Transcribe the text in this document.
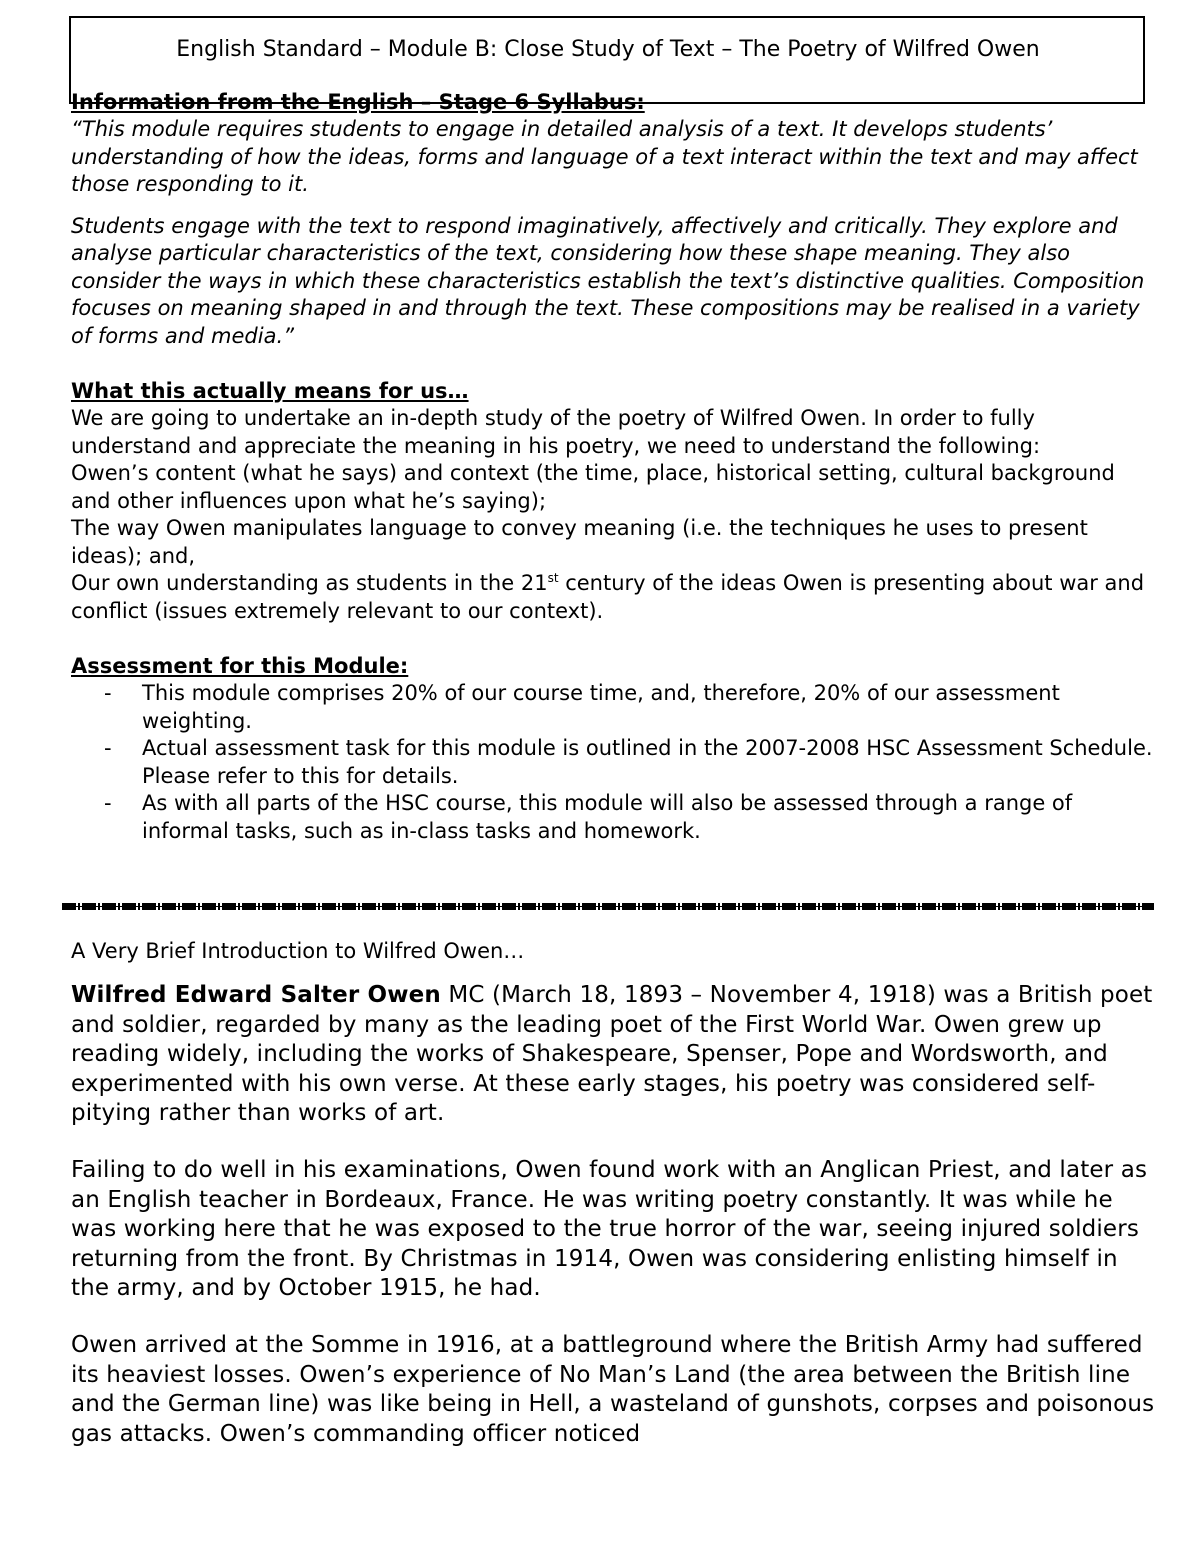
English Standard – Module B: Close Study of Text – The Poetry of Wilfred Owen

Information from the English – Stage 6 Syllabus:

“This module requires students to engage in detailed analysis of a text. It develops students’ understanding of how the ideas, forms and language of a text interact within the text and may affect those responding to it.

Students engage with the text to respond imaginatively, affectively and critically. They explore and analyse particular characteristics of the text, considering how these shape meaning. They also consider the ways in which these characteristics establish the text’s distinctive qualities. Composition focuses on meaning shaped in and through the text. These compositions may be realised in a variety of forms and media.”

What this actually means for us…

We are going to undertake an in-depth study of the poetry of Wilfred Owen. In order to fully understand and appreciate the meaning in his poetry, we need to understand the following:

Owen’s content (what he says) and context (the time, place, historical setting, cultural background and other influences upon what he’s saying);

The way Owen manipulates language to convey meaning (i.e. the techniques he uses to present ideas); and,

Our own understanding as students in the 21st century of the ideas Owen is presenting about war and conflict (issues extremely relevant to our context).

Assessment for this Module:

- This module comprises 20% of our course time, and, therefore, 20% of our assessment weighting.
- Actual assessment task for this module is outlined in the 2007-2008 HSC Assessment Schedule. Please refer to this for details.
- As with all parts of the HSC course, this module will also be assessed through a range of informal tasks, such as in-class tasks and homework.

A Very Brief Introduction to Wilfred Owen…

Wilfred Edward Salter Owen MC (March 18, 1893 – November 4, 1918) was a British poet and soldier, regarded by many as the leading poet of the First World War. Owen grew up reading widely, including the works of Shakespeare, Spenser, Pope and Wordsworth, and experimented with his own verse. At these early stages, his poetry was considered self-pitying rather than works of art.

Failing to do well in his examinations, Owen found work with an Anglican Priest, and later as an English teacher in Bordeaux, France. He was writing poetry constantly. It was while he was working here that he was exposed to the true horror of the war, seeing injured soldiers returning from the front. By Christmas in 1914, Owen was considering enlisting himself in the army, and by October 1915, he had.

Owen arrived at the Somme in 1916, at a battleground where the British Army had suffered its heaviest losses. Owen’s experience of No Man’s Land (the area between the British line and the German line) was like being in Hell, a wasteland of gunshots, corpses and poisonous gas attacks. Owen’s commanding officer noticed
